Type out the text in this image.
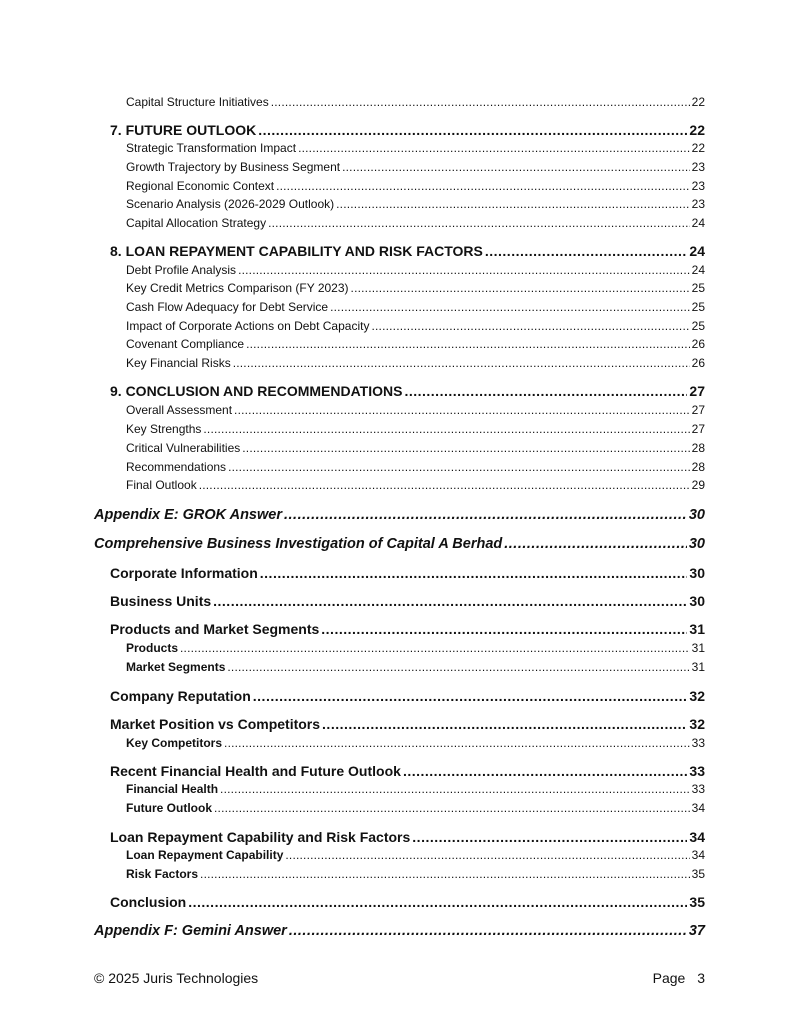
Capital Structure Initiatives .....	22
7. FUTURE OUTLOOK .....	22
Strategic Transformation Impact .....	22
Growth Trajectory by Business Segment .....	23
Regional Economic Context .....	23
Scenario Analysis (2026-2029 Outlook) .....	23
Capital Allocation Strategy .....	24
8. LOAN REPAYMENT CAPABILITY AND RISK FACTORS .....	24
Debt Profile Analysis .....	24
Key Credit Metrics Comparison (FY 2023) .....	25
Cash Flow Adequacy for Debt Service .....	25
Impact of Corporate Actions on Debt Capacity .....	25
Covenant Compliance .....	26
Key Financial Risks .....	26
9. CONCLUSION AND RECOMMENDATIONS .....	27
Overall Assessment .....	27
Key Strengths .....	27
Critical Vulnerabilities .....	28
Recommendations .....	28
Final Outlook .....	29
Appendix E: GROK Answer .....	30
Comprehensive Business Investigation of Capital A Berhad .....	30
Corporate Information .....	30
Business Units .....	30
Products and Market Segments .....	31
Products .....	31
Market Segments .....	31
Company Reputation .....	32
Market Position vs Competitors .....	32
Key Competitors .....	33
Recent Financial Health and Future Outlook .....	33
Financial Health .....	33
Future Outlook .....	34
Loan Repayment Capability and Risk Factors .....	34
Loan Repayment Capability .....	34
Risk Factors .....	35
Conclusion .....	35
Appendix F: Gemini Answer .....	37
© 2025 Juris Technologies	Page 3
